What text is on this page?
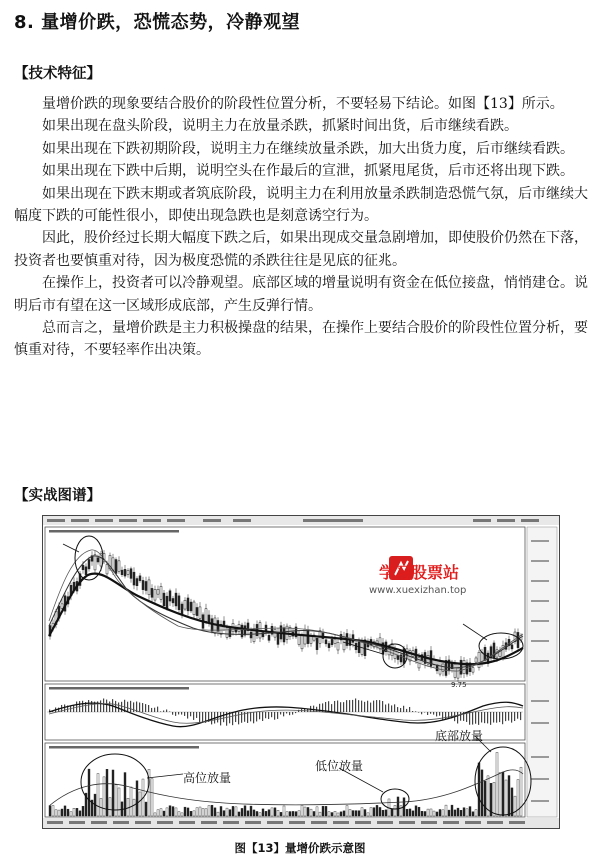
8. 量增价跌，恐慌态势，冷静观望
【技术特征】

量增价跌的现象要结合股价的阶段性位置分析，不要轻易下结论。如图【13】所示。

如果出现在盘头阶段，说明主力在放量杀跌，抓紧时间出货，后市继续看跌。

如果出现在下跌初期阶段，说明主力在继续放量杀跌，加大出货力度，后市继续看跌。

如果出现在下跌中后期，说明空头在作最后的宣泄，抓紧甩尾货，后市还将出现下跌。

如果出现在下跌末期或者筑底阶段，说明主力在利用放量杀跌制造恐慌气氛，后市继续大幅度下跌的可能性很小，即使出现急跌也是刻意诱空行为。

因此，股价经过长期大幅度下跌之后，如果出现成交量急剧增加，即使股价仍然在下落，投资者也要慎重对待，因为极度恐慌的杀跌往往是见底的征兆。

在操作上，投资者可以冷静观望。底部区域的增量说明有资金在低位接盘，悄悄建仓。说明后市有望在这一区域形成底部，产生反弹行情。

总而言之，量增价跌是主力积极操盘的结果，在操作上要结合股价的阶段性位置分析，要慎重对待，不要轻率作出决策。

【实战图谱】
学习股票站
www.xuexizhan.top
9.75
高位放量
低位放量
底部放量
图【13】量增价跌示意图
